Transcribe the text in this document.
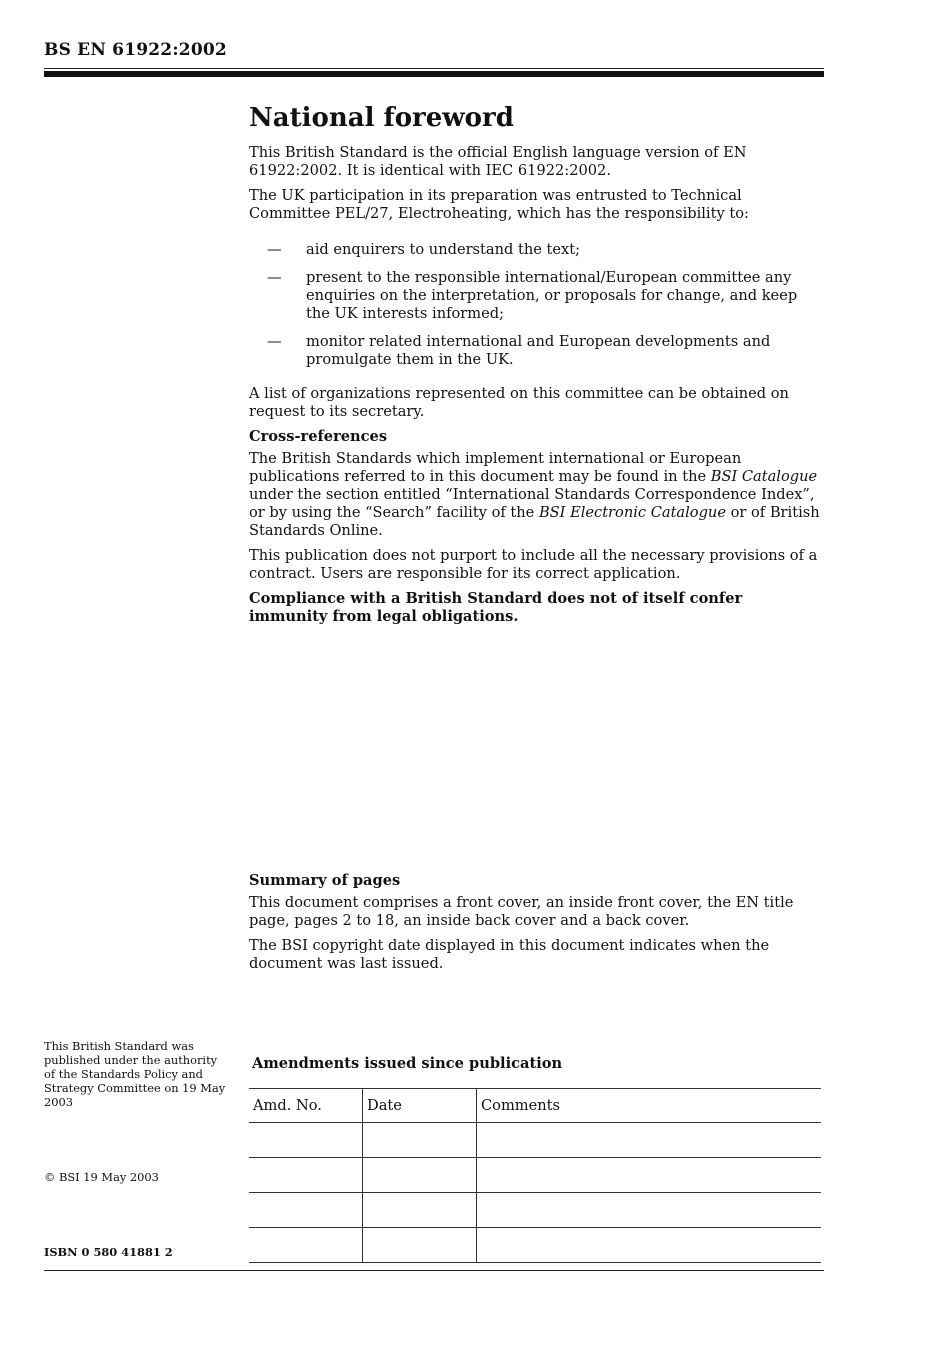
BS EN 61922:2002
National foreword

This British Standard is the official English language version of EN 61922:2002. It is identical with IEC 61922:2002.

The UK participation in its preparation was entrusted to Technical Committee PEL/27, Electroheating, which has the responsibility to:

—	aid enquirers to understand the text;
—	present to the responsible international/European committee any enquiries on the interpretation, or proposals for change, and keep the UK interests informed;
—	monitor related international and European developments and promulgate them in the UK.

A list of organizations represented on this committee can be obtained on request to its secretary.

Cross-references

The British Standards which implement international or European publications referred to in this document may be found in the BSI Catalogue under the section entitled “International Standards Correspondence Index”, or by using the “Search” facility of the BSI Electronic Catalogue or of British Standards Online.

This publication does not purport to include all the necessary provisions of a contract. Users are responsible for its correct application.

Compliance with a British Standard does not of itself confer immunity from legal obligations.

Summary of pages

This document comprises a front cover, an inside front cover, the EN title page, pages 2 to 18, an inside back cover and a back cover.

The BSI copyright date displayed in this document indicates when the document was last issued.

This British Standard was published under the authority of the Standards Policy and Strategy Committee on 19 May 2003
© BSI 19 May 2003
ISBN 0 580 41881 2
Amendments issued since publication
Amd. No.	Date	Comments
